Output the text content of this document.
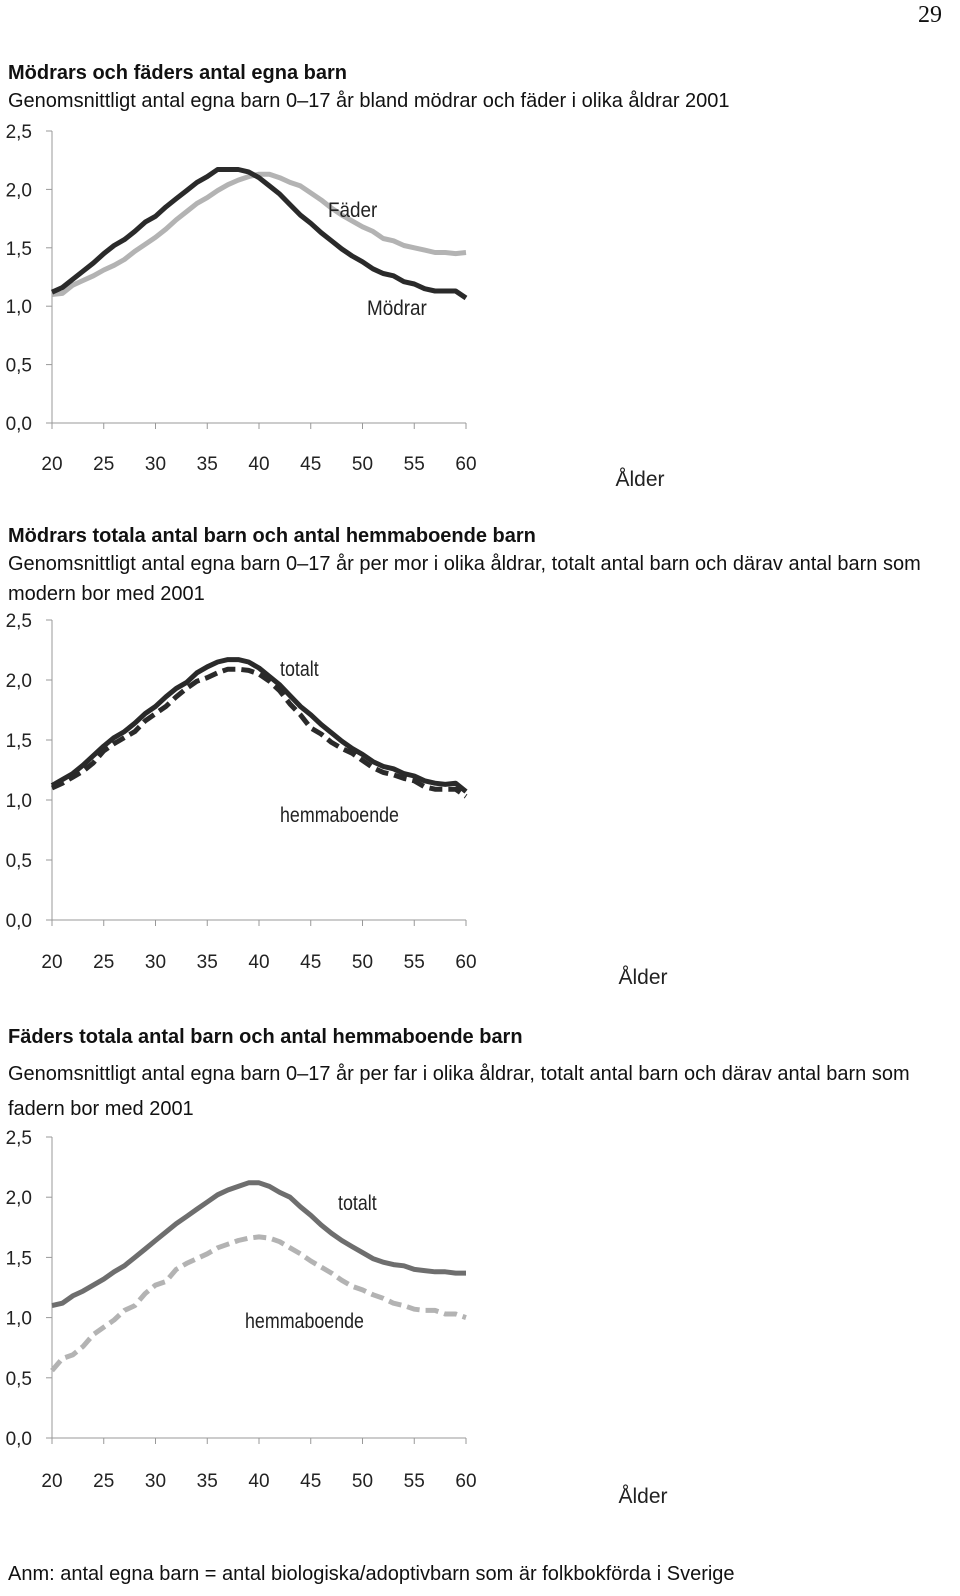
29
Mödrars och fäders antal egna barn
Genomsnittligt antal egna barn 0–17 år bland mödrar och fäder i olika åldrar 2001
0,0
0,5
1,0
1,5
2,0
2,5
20 25 30 35 40 45 50 55 60
Ålder
Fäder
Mödrar
Mödrars totala antal barn och antal hemmaboende barn
Genomsnittligt antal egna barn 0–17 år per mor i olika åldrar, totalt antal barn och därav antal barn som modern bor med 2001
0,0
0,5
1,0
1,5
2,0
2,5
20 25 30 35 40 45 50 55 60
Ålder
totalt
hemmaboende
Fäders totala antal barn och antal hemmaboende barn
Genomsnittligt antal egna barn 0–17 år per far i olika åldrar, totalt antal barn och därav antal barn som fadern bor med 2001
0,0
0,5
1,0
1,5
2,0
2,5
20 25 30 35 40 45 50 55 60
Ålder
totalt
hemmaboende
Anm: antal egna barn = antal biologiska/adoptivbarn som är folkbokförda i Sverige
